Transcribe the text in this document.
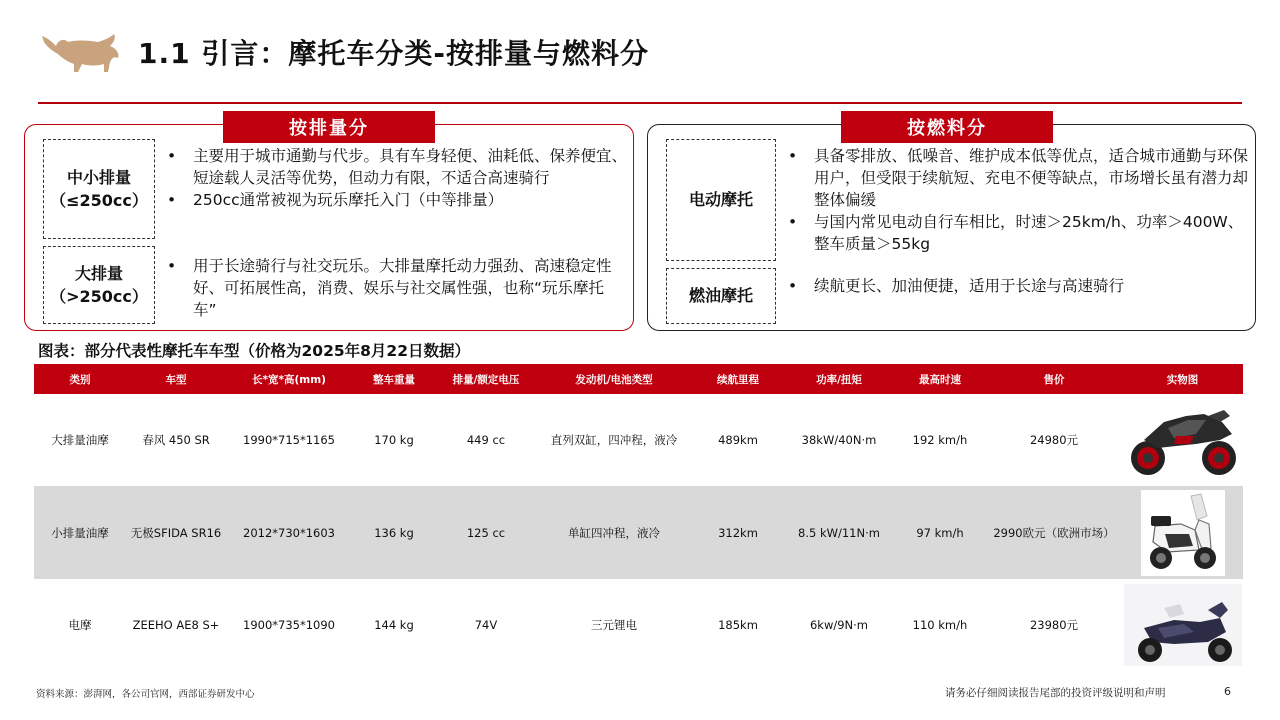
1.1 引言：摩托车分类-按排量与燃料分
按排量分
中小排量
（≤250cc）
• 主要用于城市通勤与代步。具有车身轻便、油耗低、保养便宜、短途载人灵活等优势，但动力有限，不适合高速骑行
• 250cc通常被视为玩乐摩托入门（中等排量）
大排量
（>250cc）
• 用于长途骑行与社交玩乐。大排量摩托动力强劲、高速稳定性好、可拓展性高，消费、娱乐与社交属性强，也称“玩乐摩托车”
按燃料分
电动摩托
• 具备零排放、低噪音、维护成本低等优点，适合城市通勤与环保用户，但受限于续航短、充电不便等缺点，市场增长虽有潜力却整体偏缓
• 与国内常见电动自行车相比，时速＞25km/h、功率＞400W、整车质量＞55kg
燃油摩托
• 续航更长、加油便捷，适用于长途与高速骑行
图表：部分代表性摩托车车型（价格为2025年8月22日数据）
类别	车型	长*宽*高(mm)	整车重量	排量/额定电压	发动机/电池类型	续航里程	功率/扭矩	最高时速	售价	实物图
大排量油摩	春风 450 SR	1990*715*1165	170 kg	449 cc	直列双缸，四冲程，液冷	489km	38kW/40N·m	192 km/h	24980元	

小排量油摩	无极SFIDA SR16	2012*730*1603	136 kg	125 cc	单缸四冲程，液冷	312km	8.5 kW/11N·m	97 km/h	2990欧元（欧洲市场）	

电摩	ZEEHO AE8 S+	1900*735*1090	144 kg	74V	三元锂电	185km	6kw/9N·m	110 km/h	23980元	
资料来源：澎湃网，各公司官网，西部证券研发中心	请务必仔细阅读报告尾部的投资评级说明和声明	6
